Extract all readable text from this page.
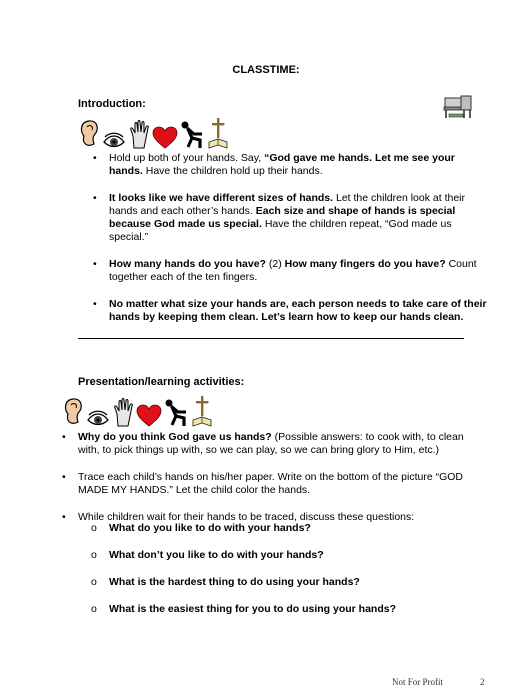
CLASSTIME:
Introduction:
• Hold up both of your hands. Say, “God gave me hands. Let me see your hands. Have the children hold up their hands.
• It looks like we have different sizes of hands. Let the children look at their hands and each other’s hands. Each size and shape of hands is special because God made us special. Have the children repeat, “God made us special.”
• How many hands do you have? (2) How many fingers do you have? Count together each of the ten fingers.
• No matter what size your hands are, each person needs to take care of their hands by keeping them clean. Let’s learn how to keep our hands clean.
Presentation/learning activities:
• Why do you think God gave us hands? (Possible answers: to cook with, to clean with, to pick things up with, so we can play, so we can bring glory to Him, etc.)
• Trace each child’s hands on his/her paper. Write on the bottom of the picture “GOD MADE MY HANDS.” Let the child color the hands.
• While children wait for their hands to be traced, discuss these questions:
o What do you like to do with your hands?
o What don’t you like to do with your hands?
o What is the hardest thing to do using your hands?
o What is the easiest thing for you to do using your hands?
Not For Profit	2
